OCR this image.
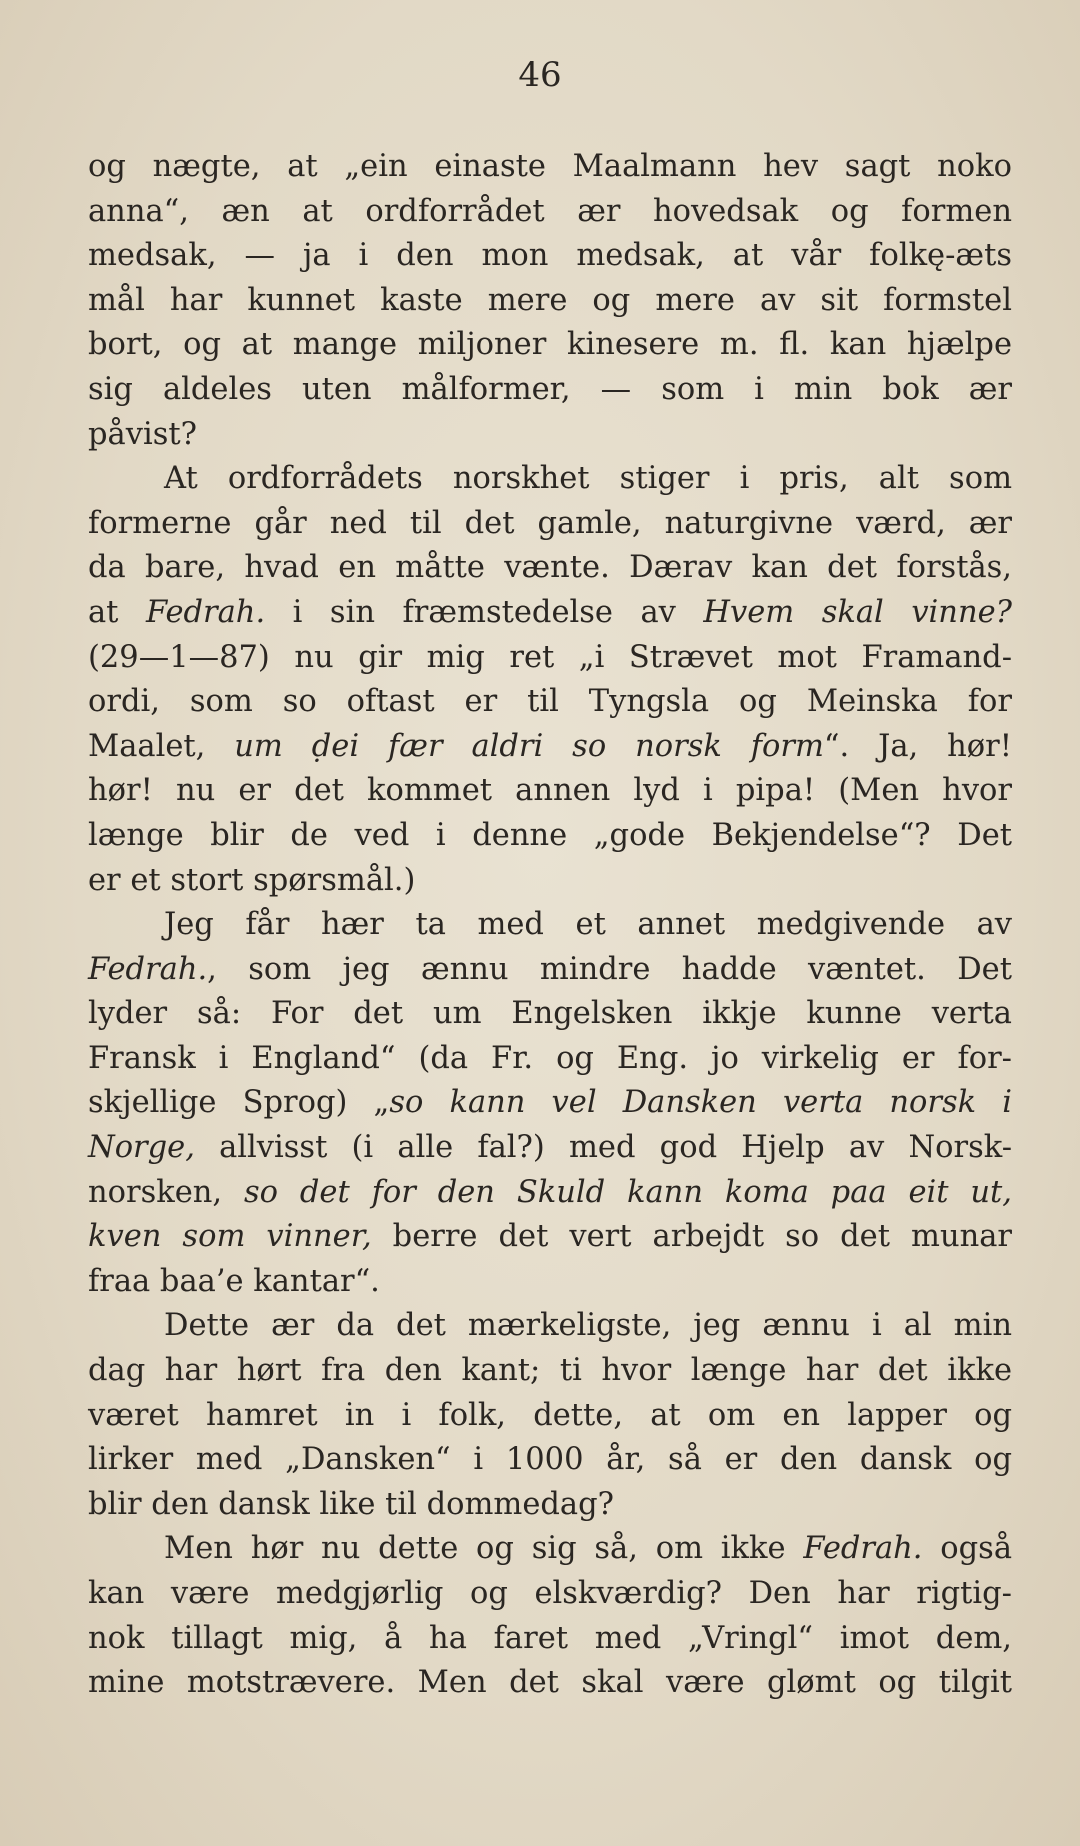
46
og nægte, at „ein einaste Maalmann hev sagt noko
anna“, æn at ordforrådet ær hovedsak og formen
medsak, — ja i den mon medsak, at vår folkę-æts
mål har kunnet kaste mere og mere av sit formstel
bort, og at mange miljoner kinesere m. fl. kan hjælpe
sig aldeles uten målformer, — som i min bok ær
påvist?
At ordforrådets norskhet stiger i pris, alt som
formerne går ned til det gamle, naturgivne værd, ær
da bare, hvad en måtte vænte. Dærav kan det forstås,
at Fedrah. i sin fræmstedelse av Hvem skal vinne?
(29—1—87) nu gir mig ret „i Strævet mot Framand-
ordi, som so oftast er til Tyngsla og Meinska for
Maalet, um ḍei fær aldri so norsk form“. Ja, hør!
hør! nu er det kommet annen lyd i pipa! (Men hvor
længe blir de ved i denne „gode Bekjendelse“? Det
er et stort spørsmål.)
Jeg får hær ta med et annet medgivende av
Fedrah., som jeg ænnu mindre hadde væntet. Det
lyder så: For det um Engelsken ikkje kunne verta
Fransk i England“ (da Fr. og Eng. jo virkelig er for-
skjellige Sprog) „so kann vel Dansken verta norsk i
Norge, allvisst (i alle fal?) med god Hjelp av Norsk-
norsken, so det for den Skuld kann koma paa eit ut,
kven som vinner, berre det vert arbejdt so det munar
fraa baa’e kantar“.
Dette ær da det mærkeligste, jeg ænnu i al min
dag har hørt fra den kant; ti hvor længe har det ikke
været hamret in i folk, dette, at om en lapper og
lirker med „Dansken“ i 1000 år, så er den dansk og
blir den dansk like til dommedag?
Men hør nu dette og sig så, om ikke Fedrah. også
kan være medgjørlig og elskværdig? Den har rigtig-
nok tillagt mig, å ha faret med „Vringl“ imot dem,
mine motstrævere. Men det skal være glømt og tilgit
